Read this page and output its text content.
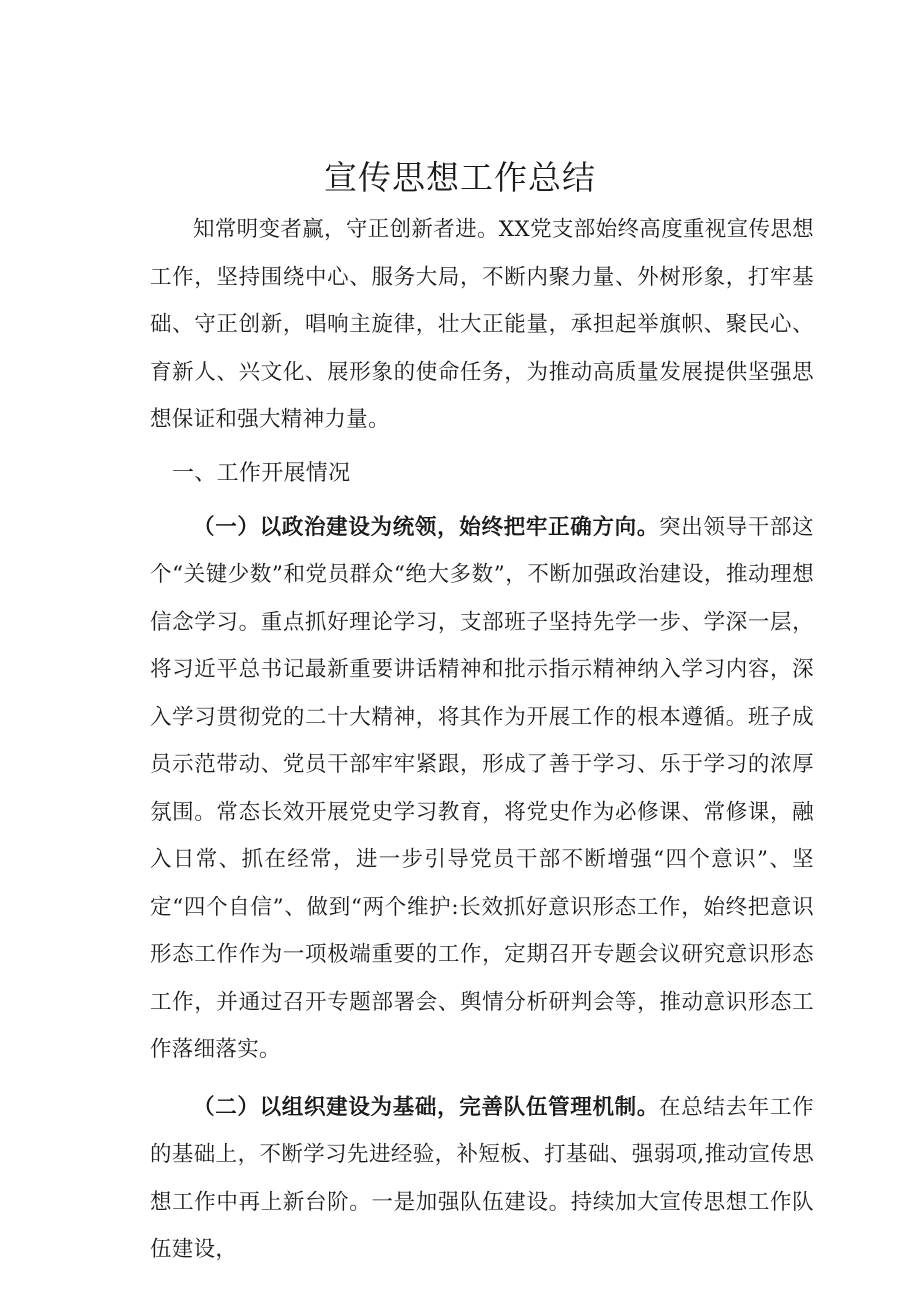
宣传思想工作总结

知常明变者赢，守正创新者进。XX党支部始终高度重视宣传思想工作，坚持围绕中心、服务大局，不断内聚力量、外树形象，打牢基础、守正创新，唱响主旋律，壮大正能量，承担起举旗帜、聚民心、育新人、兴文化、展形象的使命任务，为推动高质量发展提供坚强思想保证和强大精神力量。

一、工作开展情况

（一）以政治建设为统领，始终把牢正确方向。突出领导干部这个“关键少数”和党员群众“绝大多数”，不断加强政治建设，推动理想信念学习。重点抓好理论学习，支部班子坚持先学一步、学深一层，将习近平总书记最新重要讲话精神和批示指示精神纳入学习内容，深入学习贯彻党的二十大精神，将其作为开展工作的根本遵循。班子成员示范带动、党员干部牢牢紧跟，形成了善于学习、乐于学习的浓厚氛围。常态长效开展党史学习教育，将党史作为必修课、常修课，融入日常、抓在经常，进一步引导党员干部不断增强“四个意识”、坚定“四个自信”、做到“两个维护:长效抓好意识形态工作，始终把意识形态工作作为一项极端重要的工作，定期召开专题会议研究意识形态工作，并通过召开专题部署会、舆情分析研判会等，推动意识形态工作落细落实。

（二）以组织建设为基础，完善队伍管理机制。在总结去年工作的基础上，不断学习先进经验，补短板、打基础、强弱项,推动宣传思想工作中再上新台阶。一是加强队伍建设。持续加大宣传思想工作队伍建设，
